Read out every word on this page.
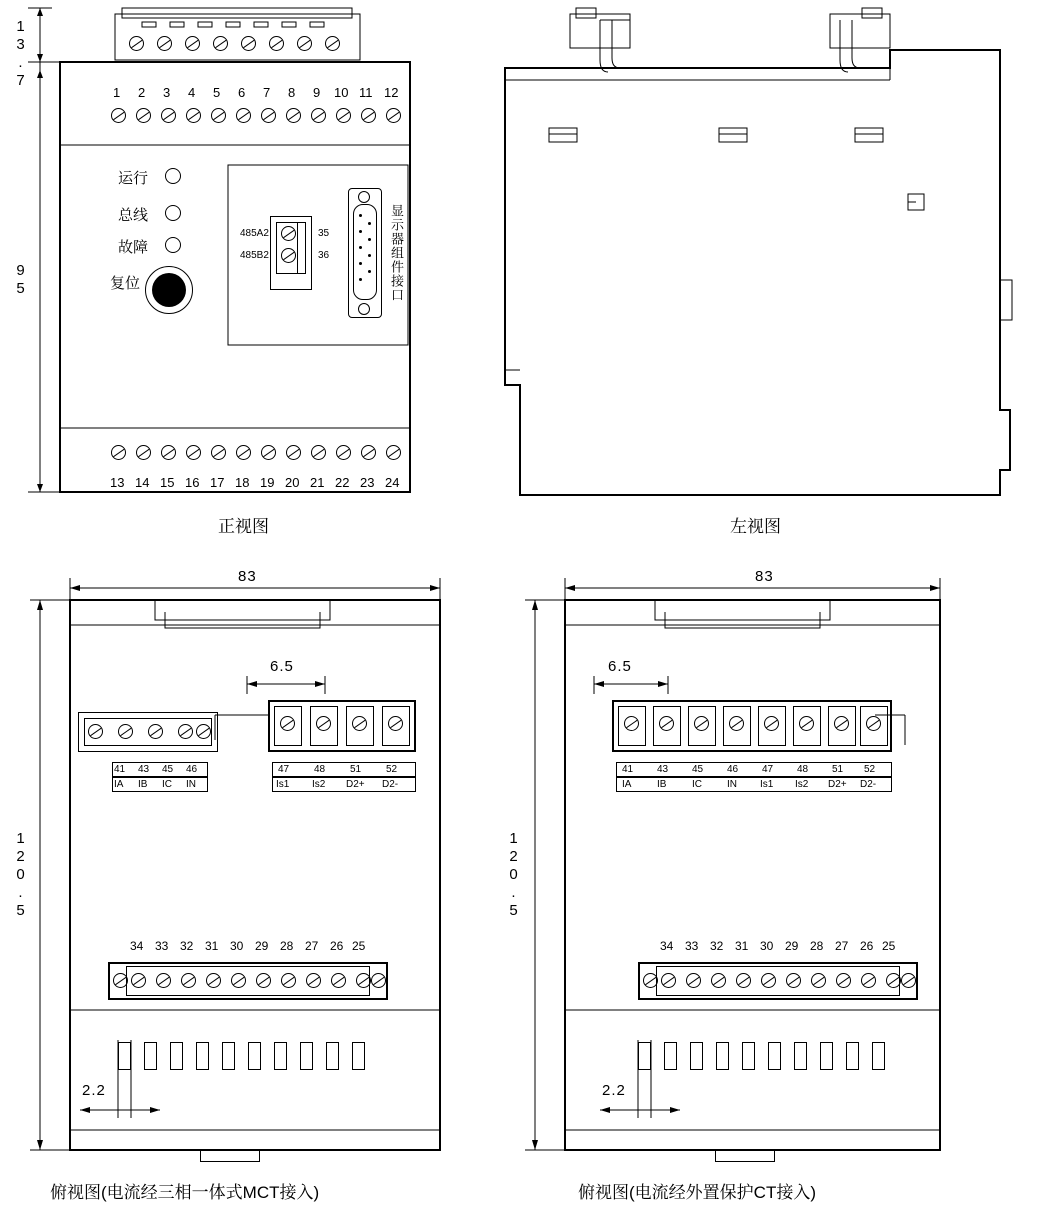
13.7
95
1 2 3 4 5 6 7 8 9 10 11 12
运行
总线
故障
复位
485A2
485B2
35
36	显示器组件接口
13 14 15 16 17 18 19 20 21 22 23 24
正视图	左视图
83
120.5
6.5
2.2
41 43 45 46
IA IB IC IN
47 48 51 52
Is1 Is2 D2+ D2-
34 33 32 31 30 29 28 27 26 25
俯视图(电流经三相一体式MCT接入)
83
120.5
6.5
2.2
41 43 45 46 47 48 51 52
IA	IB	IC	IN Is1 Is2 D2+ D2-
34 33 32 31 30 29 28 27 26 25
俯视图(电流经外置保护CT接入)
